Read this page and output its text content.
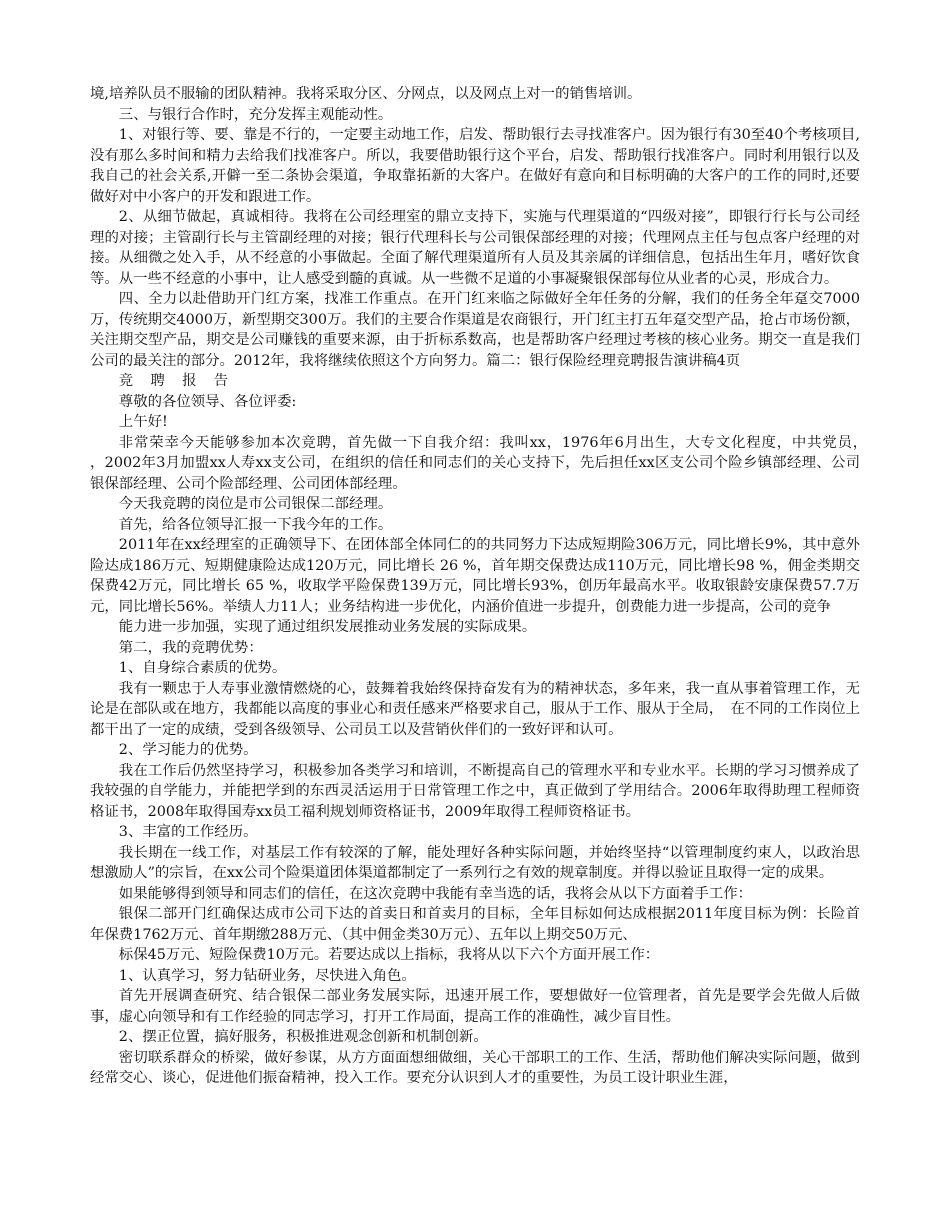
境,培养队员不服输的团队精神。我将采取分区、分网点，以及网点上对一的销售培训。

三、与银行合作时，充分发挥主观能动性。

1、对银行等、要、靠是不行的，一定要主动地工作，启发、帮助银行去寻找准客户。因为银行有30至40个考核项目,没有那么多时间和精力去给我们找准客户。所以，我要借助银行这个平台，启发、帮助银行找准客户。同时利用银行以及我自己的社会关系,开僻一至二条协会渠道，争取靠拓新的大客户。在做好有意向和目标明确的大客户的工作的同时,还要做好对中小客户的开发和跟进工作。

2、从细节做起，真诚相待。我将在公司经理室的鼎立支持下，实施与代理渠道的“四级对接”，即银行行长与公司经理的对接；主管副行长与主管副经理的对接；银行代理科长与公司银保部经理的对接；代理网点主任与包点客户经理的对接。从细微之处入手，从不经意的小事做起。全面了解代理渠道所有人员及其亲属的详细信息，包括出生年月，嗜好饮食等。从一些不经意的小事中，让人感受到髓的真诚。从一些微不足道的小事凝聚银保部每位从业者的心灵，形成合力。

四、全力以赴借助开门红方案，找准工作重点。在开门红来临之际做好全年任务的分解，我们的任务全年趸交7000万，传统期交4000万，新型期交300万。我们的主要合作渠道是农商银行，开门红主打五年趸交型产品，抢占市场份额，关注期交型产品，期交是公司赚钱的重要来源，由于折标系数高，也是帮助客户经理过考核的核心业务。期交一直是我们公司的最关注的部分。2012年，我将继续依照这个方向努力。篇二：银行保险经理竞聘报告演讲稿4页

竞聘报告

尊敬的各位领导、各位评委:

上午好!

非常荣幸今天能够参加本次竞聘，首先做一下自我介绍：我叫xx，1976年6月出生，大专文化程度，中共党员，　　　，2002年3月加盟xx人寿xx支公司，在组织的信任和同志们的关心支持下，先后担任xx区支公司个险乡镇部经理、公司银保部经理、公司个险部经理、公司团体部经理。

今天我竞聘的岗位是市公司银保二部经理。

首先，给各位领导汇报一下我今年的工作。

2011年在xx经理室的正确领导下、在团体部全体同仁的的共同努力下达成短期险306万元，同比增长9%，其中意外险达成186万元、短期健康险达成120万元，同比增长 26 %，首年期交保费达成110万元，同比增长98 %，佣金类期交保费42万元，同比增长 65 %，收取学平险保费139万元，同比增长93%，创历年最高水平。收取银龄安康保费57.7万元，同比增长56%。举绩人力11人；业务结构进一步优化，内涵价值进一步提升，创费能力进一步提高，公司的竞争

能力进一步加强，实现了通过组织发展推动业务发展的实际成果。

第二，我的竞聘优势：

1、自身综合素质的优势。

我有一颗忠于人寿事业激情燃烧的心，鼓舞着我始终保持奋发有为的精神状态，多年来，我一直从事着管理工作，无论是在部队或在地方，我都能以高度的事业心和责任感来严格要求自己，服从于工作、服从于全局，　在不同的工作岗位上都干出了一定的成绩，受到各级领导、公司员工以及营销伙伴们的一致好评和认可。

2、学习能力的优势。

我在工作后仍然坚持学习，积极参加各类学习和培训，不断提高自己的管理水平和专业水平。长期的学习习惯养成了我较强的自学能力，并能把学到的东西灵活运用于日常管理工作之中，真正做到了学用结合。2006年取得助理工程师资格证书，2008年取得国寿xx员工福利规划师资格证书，2009年取得工程师资格证书。

3、丰富的工作经历。

我长期在一线工作，对基层工作有较深的了解，能处理好各种实际问题，并始终坚持“以管理制度约束人，以政治思想激励人”的宗旨，在xx公司个险渠道团体渠道都制定了一系列行之有效的规章制度。并得以验证且取得一定的成果。

如果能够得到领导和同志们的信任，在这次竞聘中我能有幸当选的话，我将会从以下方面着手工作：

银保二部开门红确保达成市公司下达的首卖日和首卖月的目标，全年目标如何达成根据2011年度目标为例：长险首年保费1762万元、首年期缴288万元、（其中佣金类30万元）、五年以上期交50万元、

标保45万元、短险保费10万元。若要达成以上指标，我将从以下六个方面开展工作：

1、认真学习，努力钻研业务，尽快进入角色。

首先开展调查研究、结合银保二部业务发展实际，迅速开展工作，要想做好一位管理者，首先是要学会先做人后做事，虚心向领导和有工作经验的同志学习，打开工作局面，提高工作的准确性，减少盲目性。

2、摆正位置，搞好服务，积极推进观念创新和机制创新。

密切联系群众的桥梁，做好参谋，从方方面面想细做细，关心干部职工的工作、生活，帮助他们解决实际问题，做到经常交心、谈心，促进他们振奋精神，投入工作。要充分认识到人才的重要性，为员工设计职业生涯，
